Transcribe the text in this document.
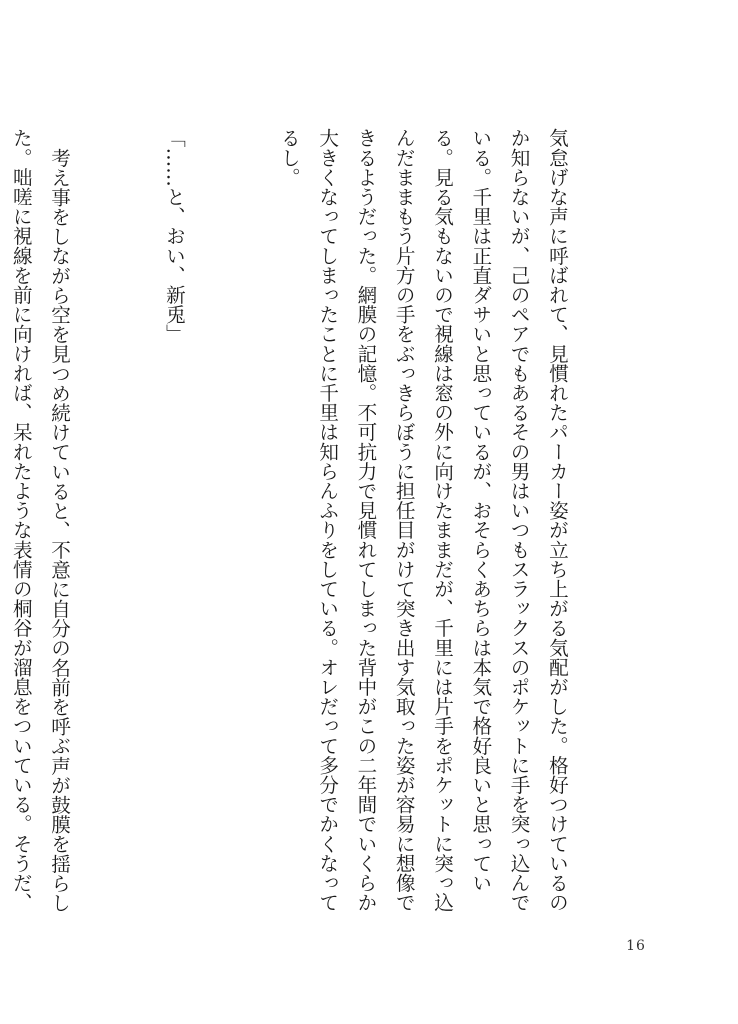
気怠げな声に呼ばれて、見慣れたパーカー姿が立ち上がる気配がした。格好つけているのか知らないが、己のペアでもあるその男はいつもスラックスのポケットに手を突っ込んでいる。千里は正直ダサいと思っているが、おそらくあちらは本気で格好良いと思っている。見る気もないので視線は窓の外に向けたままだが、千里には片手をポケットに突っ込んだままもう片方の手をぶっきらぼうに担任目がけて突き出す気取った姿が容易に想像できるようだった。網膜の記憶。不可抗力で見慣れてしまった背中がこの二年間でいくらか大きくなってしまったことに千里は知らんふりをしている。オレだって多分でかくなってるし。

「……と、おい、新兎」

考え事をしながら空を見つめ続けていると、不意に自分の名前を呼ぶ声が鼓膜を揺らした。咄嗟に視線を前に向ければ、呆れたような表情の桐谷が溜息をついている。そうだ、

16
